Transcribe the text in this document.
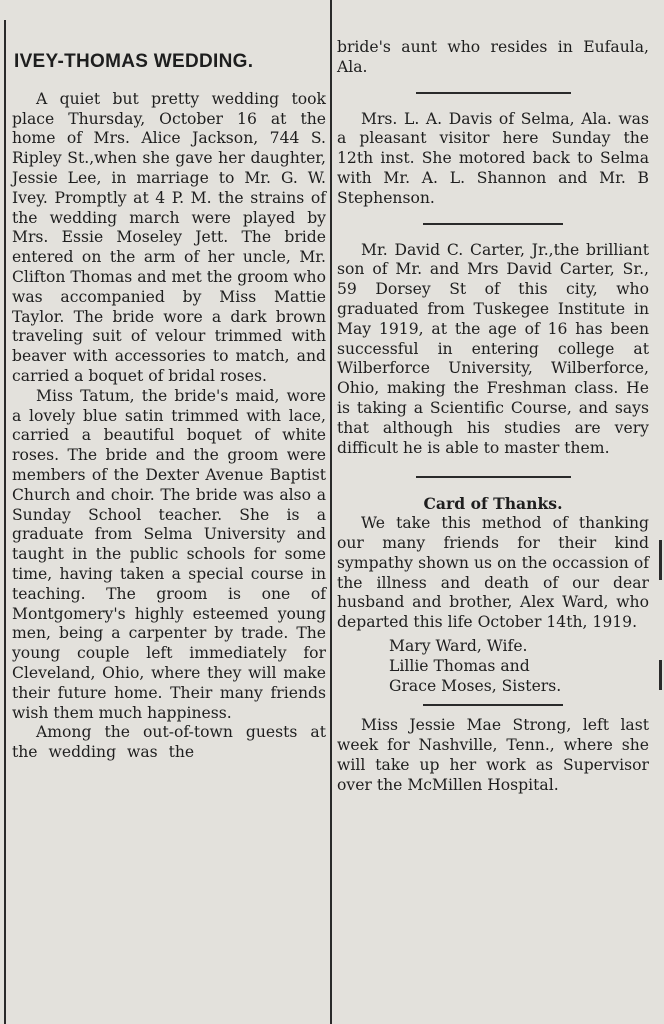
IVEY-THOMAS WEDDING.

A quiet but pretty wedding took place Thursday, October 16 at the home of Mrs. Alice Jackson, 744 S. Ripley St.,when she gave her daughter, Jessie Lee, in marriage to Mr. G. W. Ivey. Promptly at 4 P. M. the strains of the wedding march were played by Mrs. Essie Moseley Jett. The bride entered on the arm of her uncle, Mr. Clifton Thomas and met the groom who was accompanied by Miss Mattie Taylor. The bride wore a dark brown traveling suit of velour trimmed with beaver with accessories to match, and carried a boquet of bridal roses.

Miss Tatum, the bride's maid, wore a lovely blue satin trimmed with lace, carried a beautiful boquet of white roses. The bride and the groom were members of the Dexter Avenue Baptist Church and choir. The bride was also a Sunday School teacher. She is a graduate from Selma University and taught in the public schools for some time, having taken a special course in teaching. The groom is one of Montgomery's highly esteemed young men, being a carpenter by trade. The young couple left immediately for Cleveland, Ohio, where they will make their future home. Their many friends wish them much happiness.

Among the out-of-town guests at the wedding was the

bride's aunt who resides in Eufaula, Ala.

Mrs. L. A. Davis of Selma, Ala. was a pleasant visitor here Sunday the 12th inst. She motored back to Selma with Mr. A. L. Shannon and Mr. B Stephenson.

Mr. David C. Carter, Jr.,the brilliant son of Mr. and Mrs David Carter, Sr., 59 Dorsey St of this city, who graduated from Tuskegee Institute in May 1919, at the age of 16 has been successful in entering college at Wilberforce University, Wilberforce, Ohio, making the Freshman class. He is taking a Scientific Course, and says that although his studies are very difficult he is able to master them.

Card of Thanks.

We take this method of thanking our many friends for their kind sympathy shown us on the occassion of the illness and death of our dear husband and brother, Alex Ward, who departed this life October 14th, 1919.

Mary Ward, Wife.

Lillie Thomas and

Grace Moses, Sisters.

Miss Jessie Mae Strong, left last week for Nashville, Tenn., where she will take up her work as Supervisor over the McMillen Hospital.
